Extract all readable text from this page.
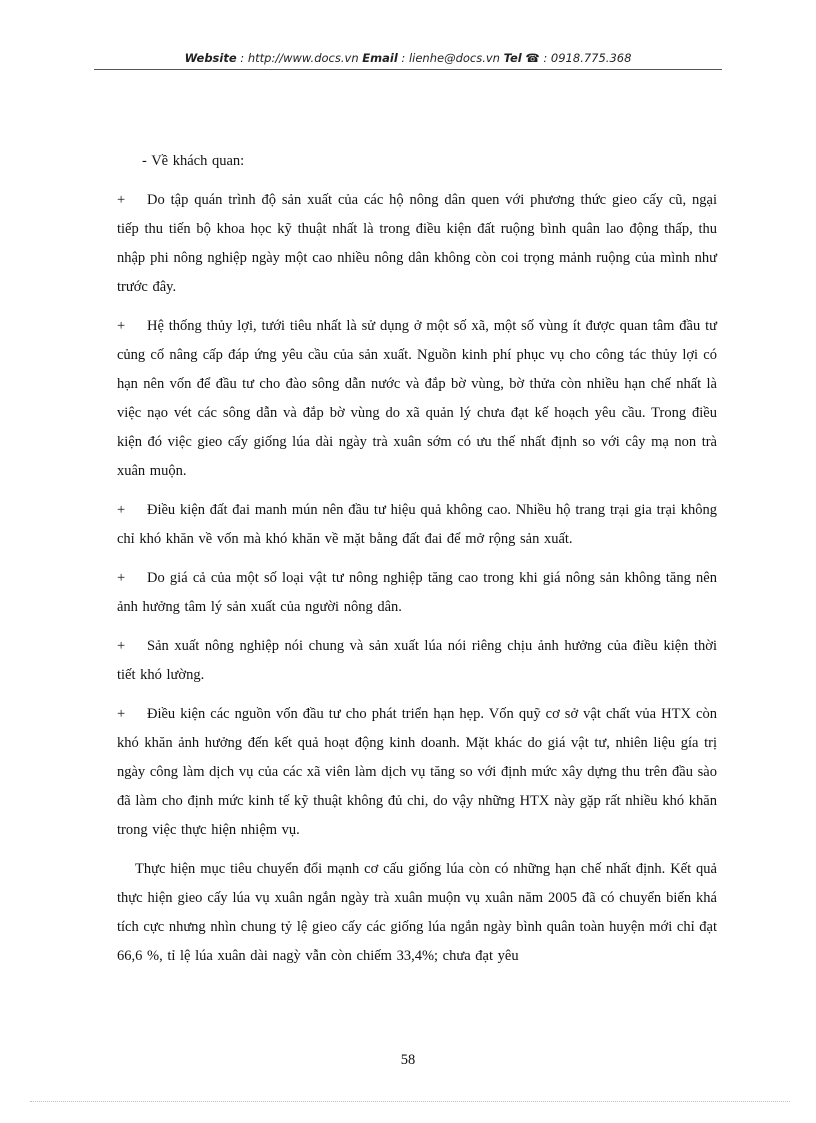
Website : http://www.docs.vn Email : lienhe@docs.vn Tel ☎ : 0918.775.368

- Về khách quan:

+ Do tập quán trình độ sản xuất của các hộ nông dân quen với phương thức gieo cấy cũ, ngại tiếp thu tiến bộ khoa học kỹ thuật nhất là trong điều kiện đất ruộng bình quân lao động thấp, thu nhập phi nông nghiệp ngày một cao nhiều nông dân không còn coi trọng mảnh ruộng của mình như trước đây.

+ Hệ thống thủy lợi, tưới tiêu nhất là sử dụng ở một số xã, một số vùng ít được quan tâm đầu tư củng cố nâng cấp đáp ứng yêu cầu của sản xuất. Nguồn kinh phí phục vụ cho công tác thủy lợi có hạn nên vốn để đầu tư cho đào sông dẫn nước và đắp bờ vùng, bờ thửa còn nhiều hạn chế nhất là việc nạo vét các sông dẫn và đắp bờ vùng do xã quản lý chưa đạt kế hoạch yêu cầu. Trong điều kiện đó việc gieo cấy giống lúa dài ngày trà xuân sớm có ưu thế nhất định so với cây mạ non trà xuân muộn.

+ Điều kiện đất đai manh mún nên đầu tư hiệu quả không cao. Nhiều hộ trang trại gia trại không chỉ khó khăn về vốn mà khó khăn về mặt bằng đất đai để mở rộng sản xuất.

+ Do giá cả của một số loại vật tư nông nghiệp tăng cao trong khi giá nông sản không tăng nên ảnh hưởng tâm lý sản xuất của người nông dân.

+ Sản xuất nông nghiệp nói chung và sản xuất lúa nói riêng chịu ảnh hưởng của điều kiện thời tiết khó lường.

+ Điều kiện các nguồn vốn đầu tư cho phát triển hạn hẹp. Vốn quỹ cơ sở vật chất vủa HTX còn khó khăn ảnh hưởng đến kết quả hoạt động kinh doanh. Mặt khác do giá vật tư, nhiên liệu gía trị ngày công làm dịch vụ của các xã viên làm dịch vụ tăng so với định mức xây dựng thu trên đầu sào đã làm cho định mức kinh tế kỹ thuật không đủ chi, do vậy những HTX này gặp rất nhiều khó khăn trong việc thực hiện nhiệm vụ.

Thực hiện mục tiêu chuyển đổi mạnh cơ cấu giống lúa còn có những hạn chế nhất định. Kết quả thực hiện gieo cấy lúa vụ xuân ngắn ngày trà xuân muộn vụ xuân năm 2005 đã có chuyển biến khá tích cực nhưng nhìn chung tỷ lệ gieo cấy các giống lúa ngắn ngày bình quân toàn huyện mới chỉ đạt 66,6 %, tỉ lệ lúa xuân dài nagỳ vẫn còn chiếm 33,4%; chưa đạt yêu

58
